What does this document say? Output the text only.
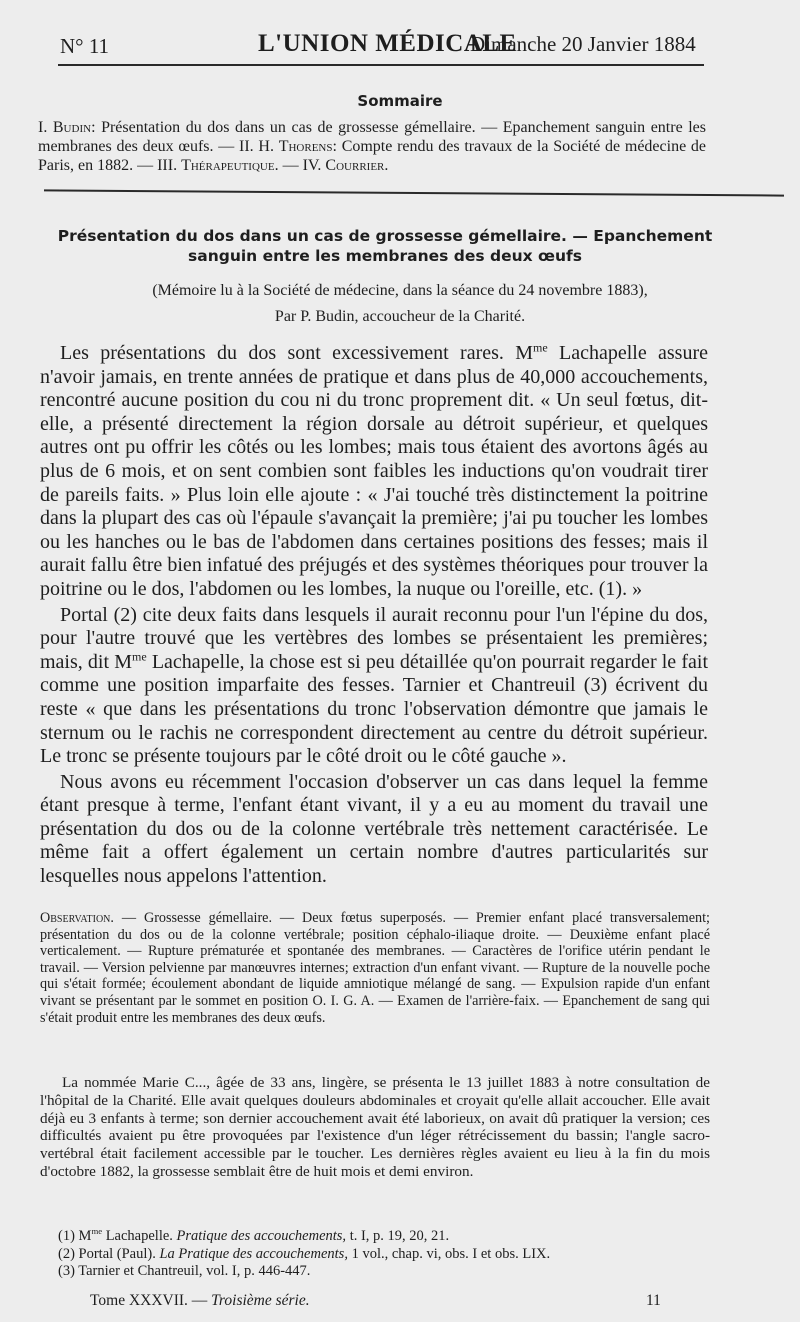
N° 11	L'UNION MÉDICALE
Dimanche 20 Janvier 1884
Sommaire
I. Budin: Présentation du dos dans un cas de grossesse gémellaire. — Epanchement sanguin entre les membranes des deux œufs. — II. H. Thorens: Compte rendu des travaux de la Société de médecine de Paris, en 1882. — III. Thérapeutique. — IV. Courrier.
Présentation du dos dans un cas de grossesse gémellaire. — Epanchement sanguin entre les membranes des deux œufs
(Mémoire lu à la Société de médecine, dans la séance du 24 novembre 1883),
Par P. Budin, accoucheur de la Charité.

Les présentations du dos sont excessivement rares. $M^{me}$ Lachapelle assure n'avoir jamais, en trente années de pratique et dans plus de 40,000 accouchements, rencontré aucune position du cou ni du tronc proprement dit. « Un seul fœtus, dit-elle, a présenté directement la région dorsale au détroit supérieur, et quelques autres ont pu offrir les côtés ou les lombes; mais tous étaient des avortons âgés au plus de 6 mois, et on sent combien sont faibles les inductions qu'on voudrait tirer de pareils faits. » Plus loin elle ajoute : « J'ai touché très distinctement la poitrine dans la plupart des cas où l'épaule s'avançait la première; j'ai pu toucher les lombes ou les hanches ou le bas de l'abdomen dans certaines positions des fesses; mais il aurait fallu être bien infatué des préjugés et des systèmes théoriques pour trouver la poitrine ou le dos, l'abdomen ou les lombes, la nuque ou l'oreille, etc. (1). »

Portal (2) cite deux faits dans lesquels il aurait reconnu pour l'un l'épine du dos, pour l'autre trouvé que les vertèbres des lombes se présentaient les premières; mais, dit $M^{me}$ Lachapelle, la chose est si peu détaillée qu'on pourrait regarder le fait comme une position imparfaite des fesses. Tarnier et Chantreuil (3) écrivent du reste « que dans les présentations du tronc l'observation démontre que jamais le sternum ou le rachis ne correspondent directement au centre du détroit supérieur. Le tronc se présente toujours par le côté droit ou le côté gauche ».

Nous avons eu récemment l'occasion d'observer un cas dans lequel la femme étant presque à terme, l'enfant étant vivant, il y a eu au moment du travail une présentation du dos ou de la colonne vertébrale très nettement caractérisée. Le même fait a offert également un certain nombre d'autres particularités sur lesquelles nous appelons l'attention.

Observation. — Grossesse gémellaire. — Deux fœtus superposés. — Premier enfant placé transversalement; présentation du dos ou de la colonne vertébrale; position céphalo-iliaque droite. — Deuxième enfant placé verticalement. — Rupture prématurée et spontanée des membranes. — Caractères de l'orifice utérin pendant le travail. — Version pelvienne par manœuvres internes; extraction d'un enfant vivant. — Rupture de la nouvelle poche qui s'était formée; écoulement abondant de liquide amniotique mélangé de sang. — Expulsion rapide d'un enfant vivant se présentant par le sommet en position O. I. G. A. — Examen de l'arrière-faix. — Epanchement de sang qui s'était produit entre les membranes des deux œufs.
La nommée Marie C..., âgée de 33 ans, lingère, se présenta le 13 juillet 1883 à notre consultation de l'hôpital de la Charité. Elle avait quelques douleurs abdominales et croyait qu'elle allait accoucher. Elle avait déjà eu 3 enfants à terme; son dernier accouchement avait été laborieux, on avait dû pratiquer la version; ces difficultés avaient pu être provoquées par l'existence d'un léger rétrécissement du bassin; l'angle sacro-vertébral était facilement accessible par le toucher. Les dernières règles avaient eu lieu à la fin du mois d'octobre 1882, la grossesse semblait être de huit mois et demi environ.
(1) $M^{me}$ Lachapelle. Pratique des accouchements, t. I, p. 19, 20, 21.
(2) Portal (Paul). La Pratique des accouchements, 1 vol., chap. vi, obs. I et obs. LIX.
(3) Tarnier et Chantreuil, vol. I, p. 446-447.
Tome XXXVII. — Troisième série.	11
